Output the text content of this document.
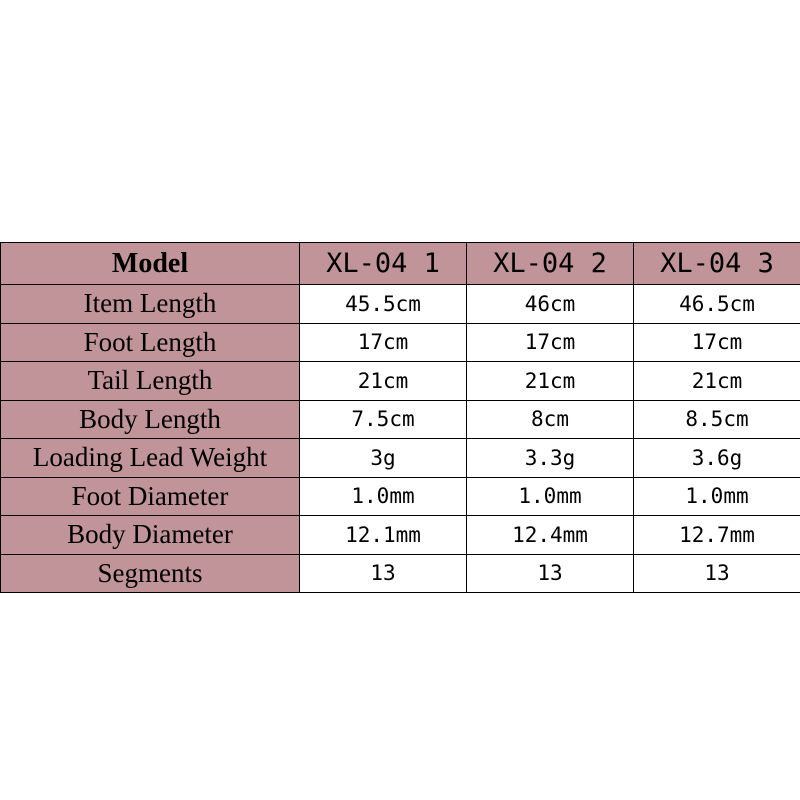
Model	XL-04 1	XL-04 2	XL-04 3
Item Length	45.5cm	46cm	46.5cm
Foot Length	17cm	17cm	17cm
Tail Length	21cm	21cm	21cm
Body Length	7.5cm	8cm	8.5cm
Loading Lead Weight	3g	3.3g	3.6g
Foot Diameter	1.0mm	1.0mm	1.0mm
Body Diameter	12.1mm	12.4mm	12.7mm
Segments	13	13	13
